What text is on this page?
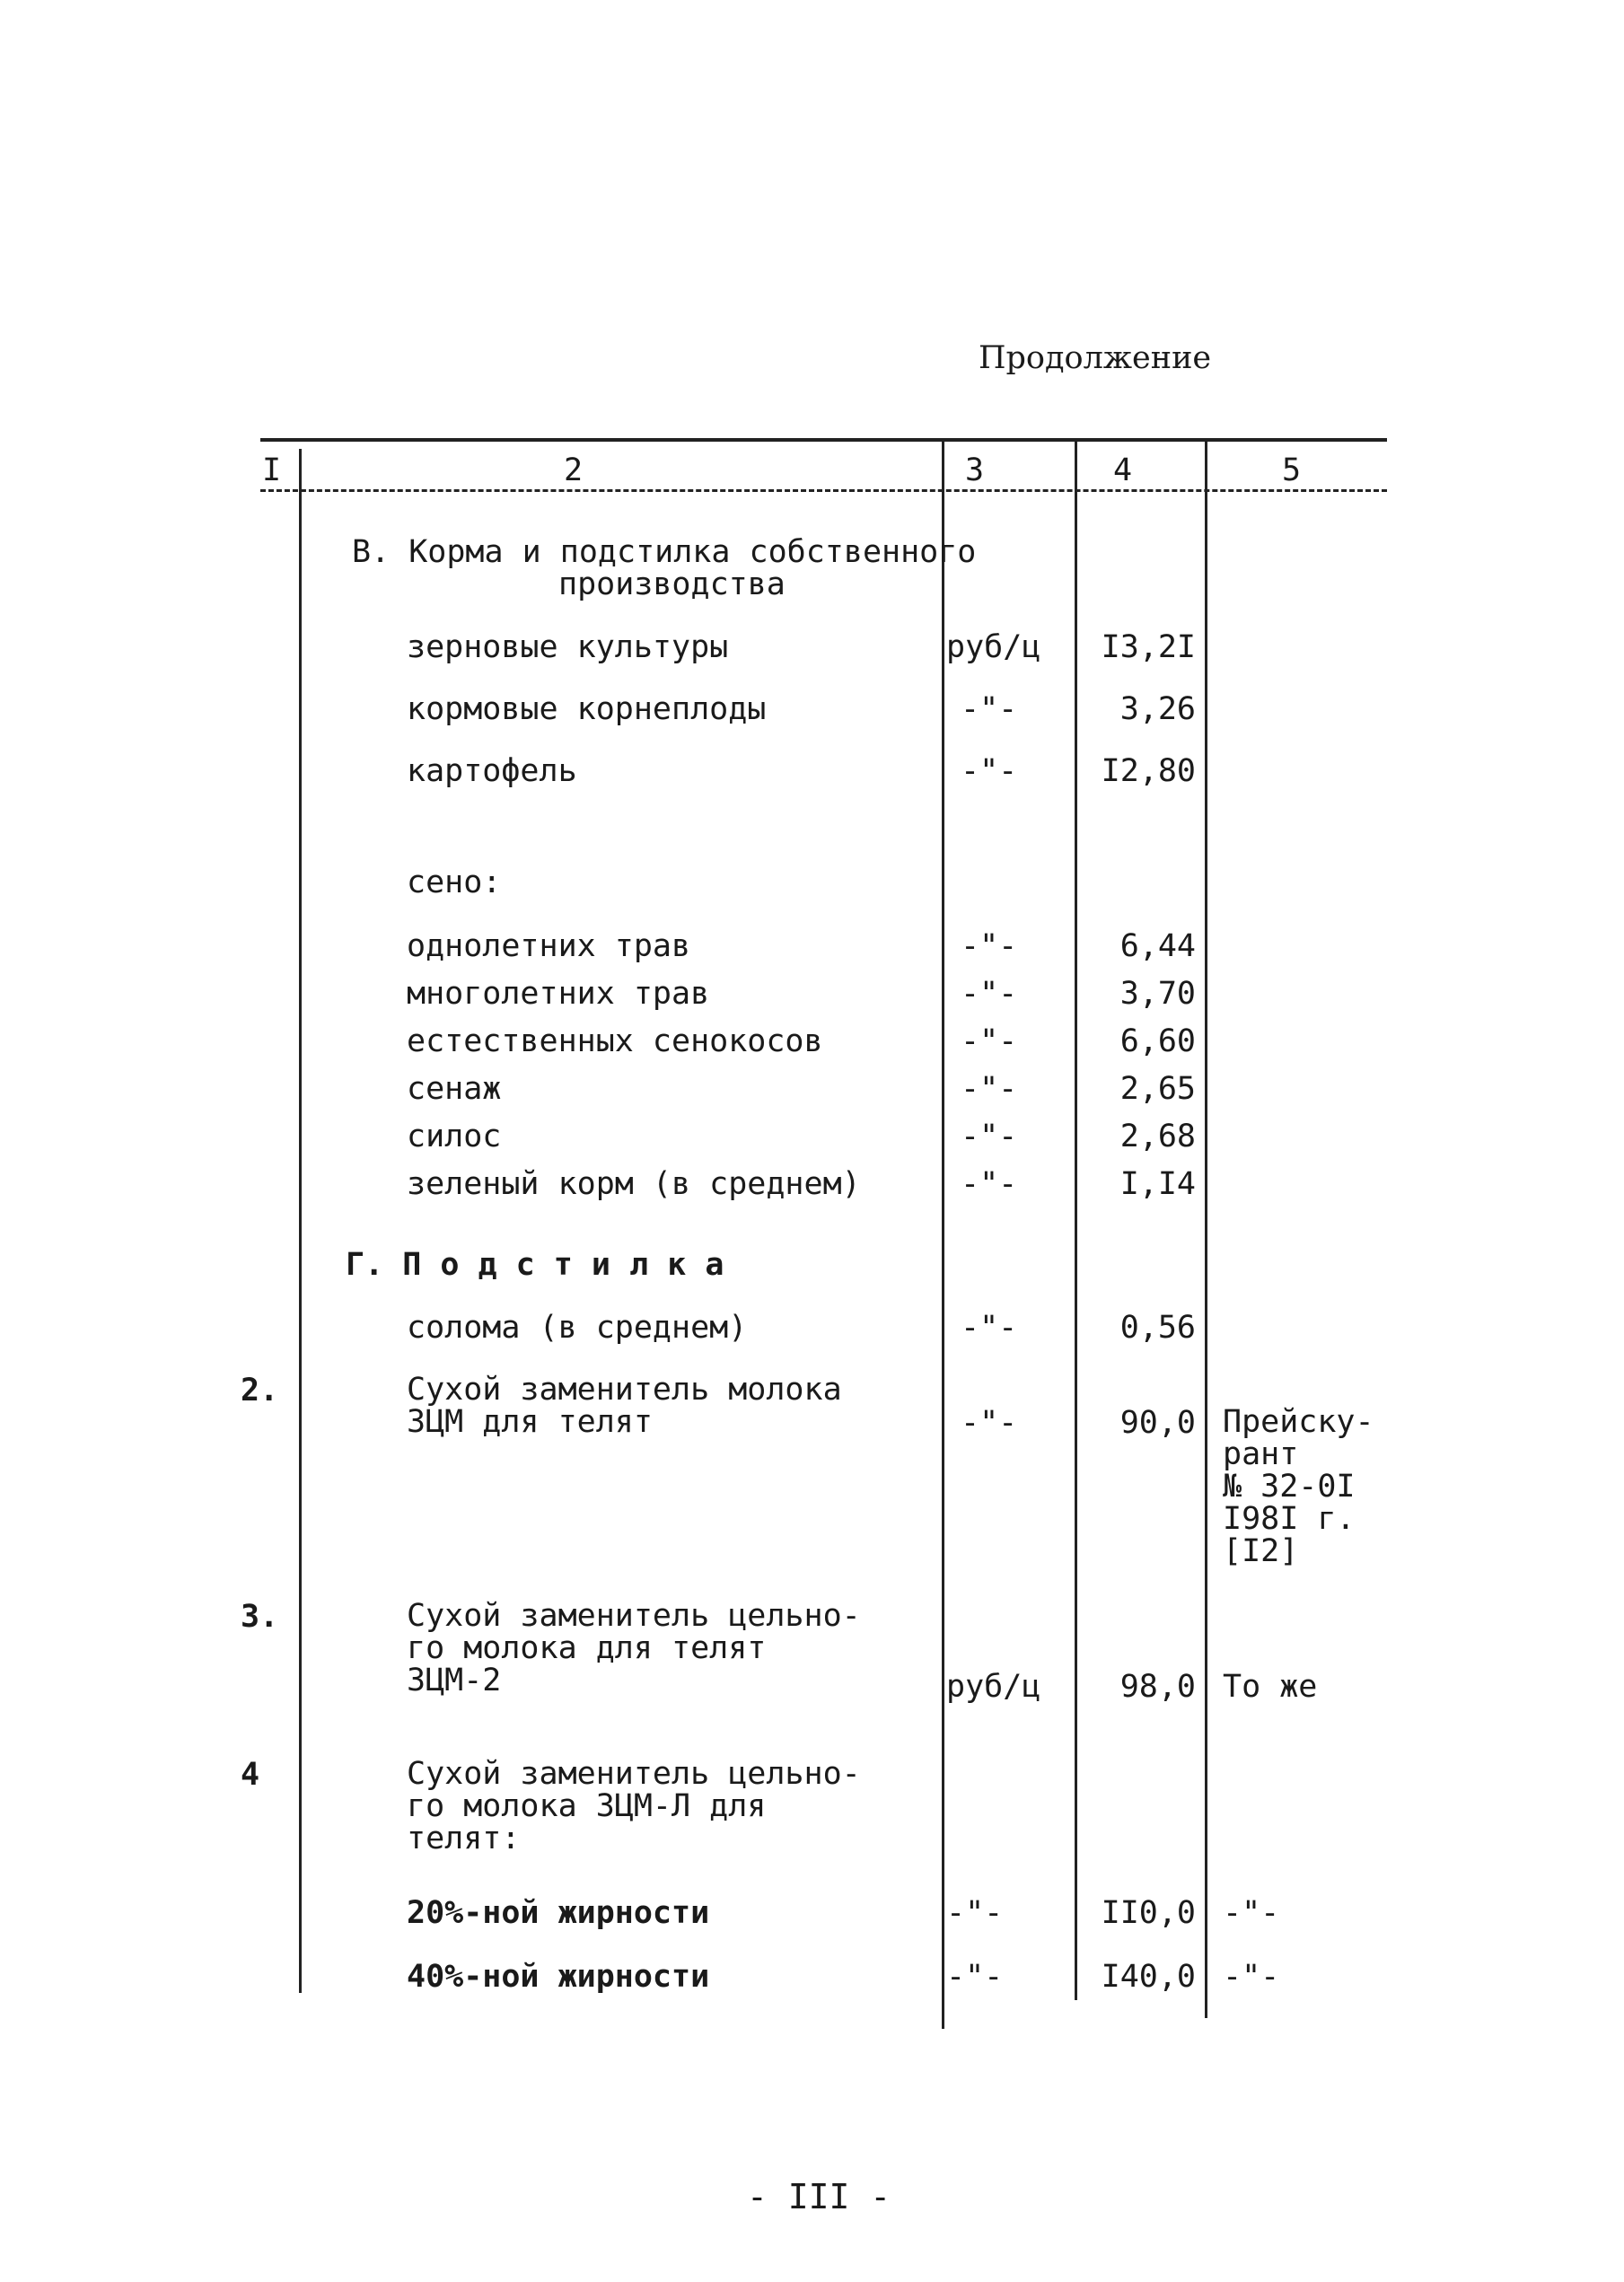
Продолжение
I	2	3	4	5
В. Корма и подстилка собственного
производства
зерновые культуры	руб/ц	I3,2I
кормовые корнеплоды	-"-	3,26
картофель	-"-	I2,80
сено:
однолетних трав	-"-	6,44
многолетних трав	-"-	3,70
естественных сенокосов	-"-	6,60
сенаж	-"-	2,65
силос	-"-	2,68
зеленый корм (в среднем)	-"-	I,I4
Г. П о д с т и л к а
солома (в среднем)	-"-	0,56
2.	Сухой заменитель молока
ЗЦМ для телят	-"-	90,0 Прейску-
рант
№ 32-0I
I98I г.
[I2]
3.	Сухой заменитель цельно-
го молока для телят
ЗЦМ-2	руб/ц	98,0 То же
4	Сухой заменитель цельно-
го молока ЗЦМ-Л для
телят:
20%-ной жирности	-"-	II0,0 -"-
40%-ной жирности	-"-	I40,0 -"-
- III -
